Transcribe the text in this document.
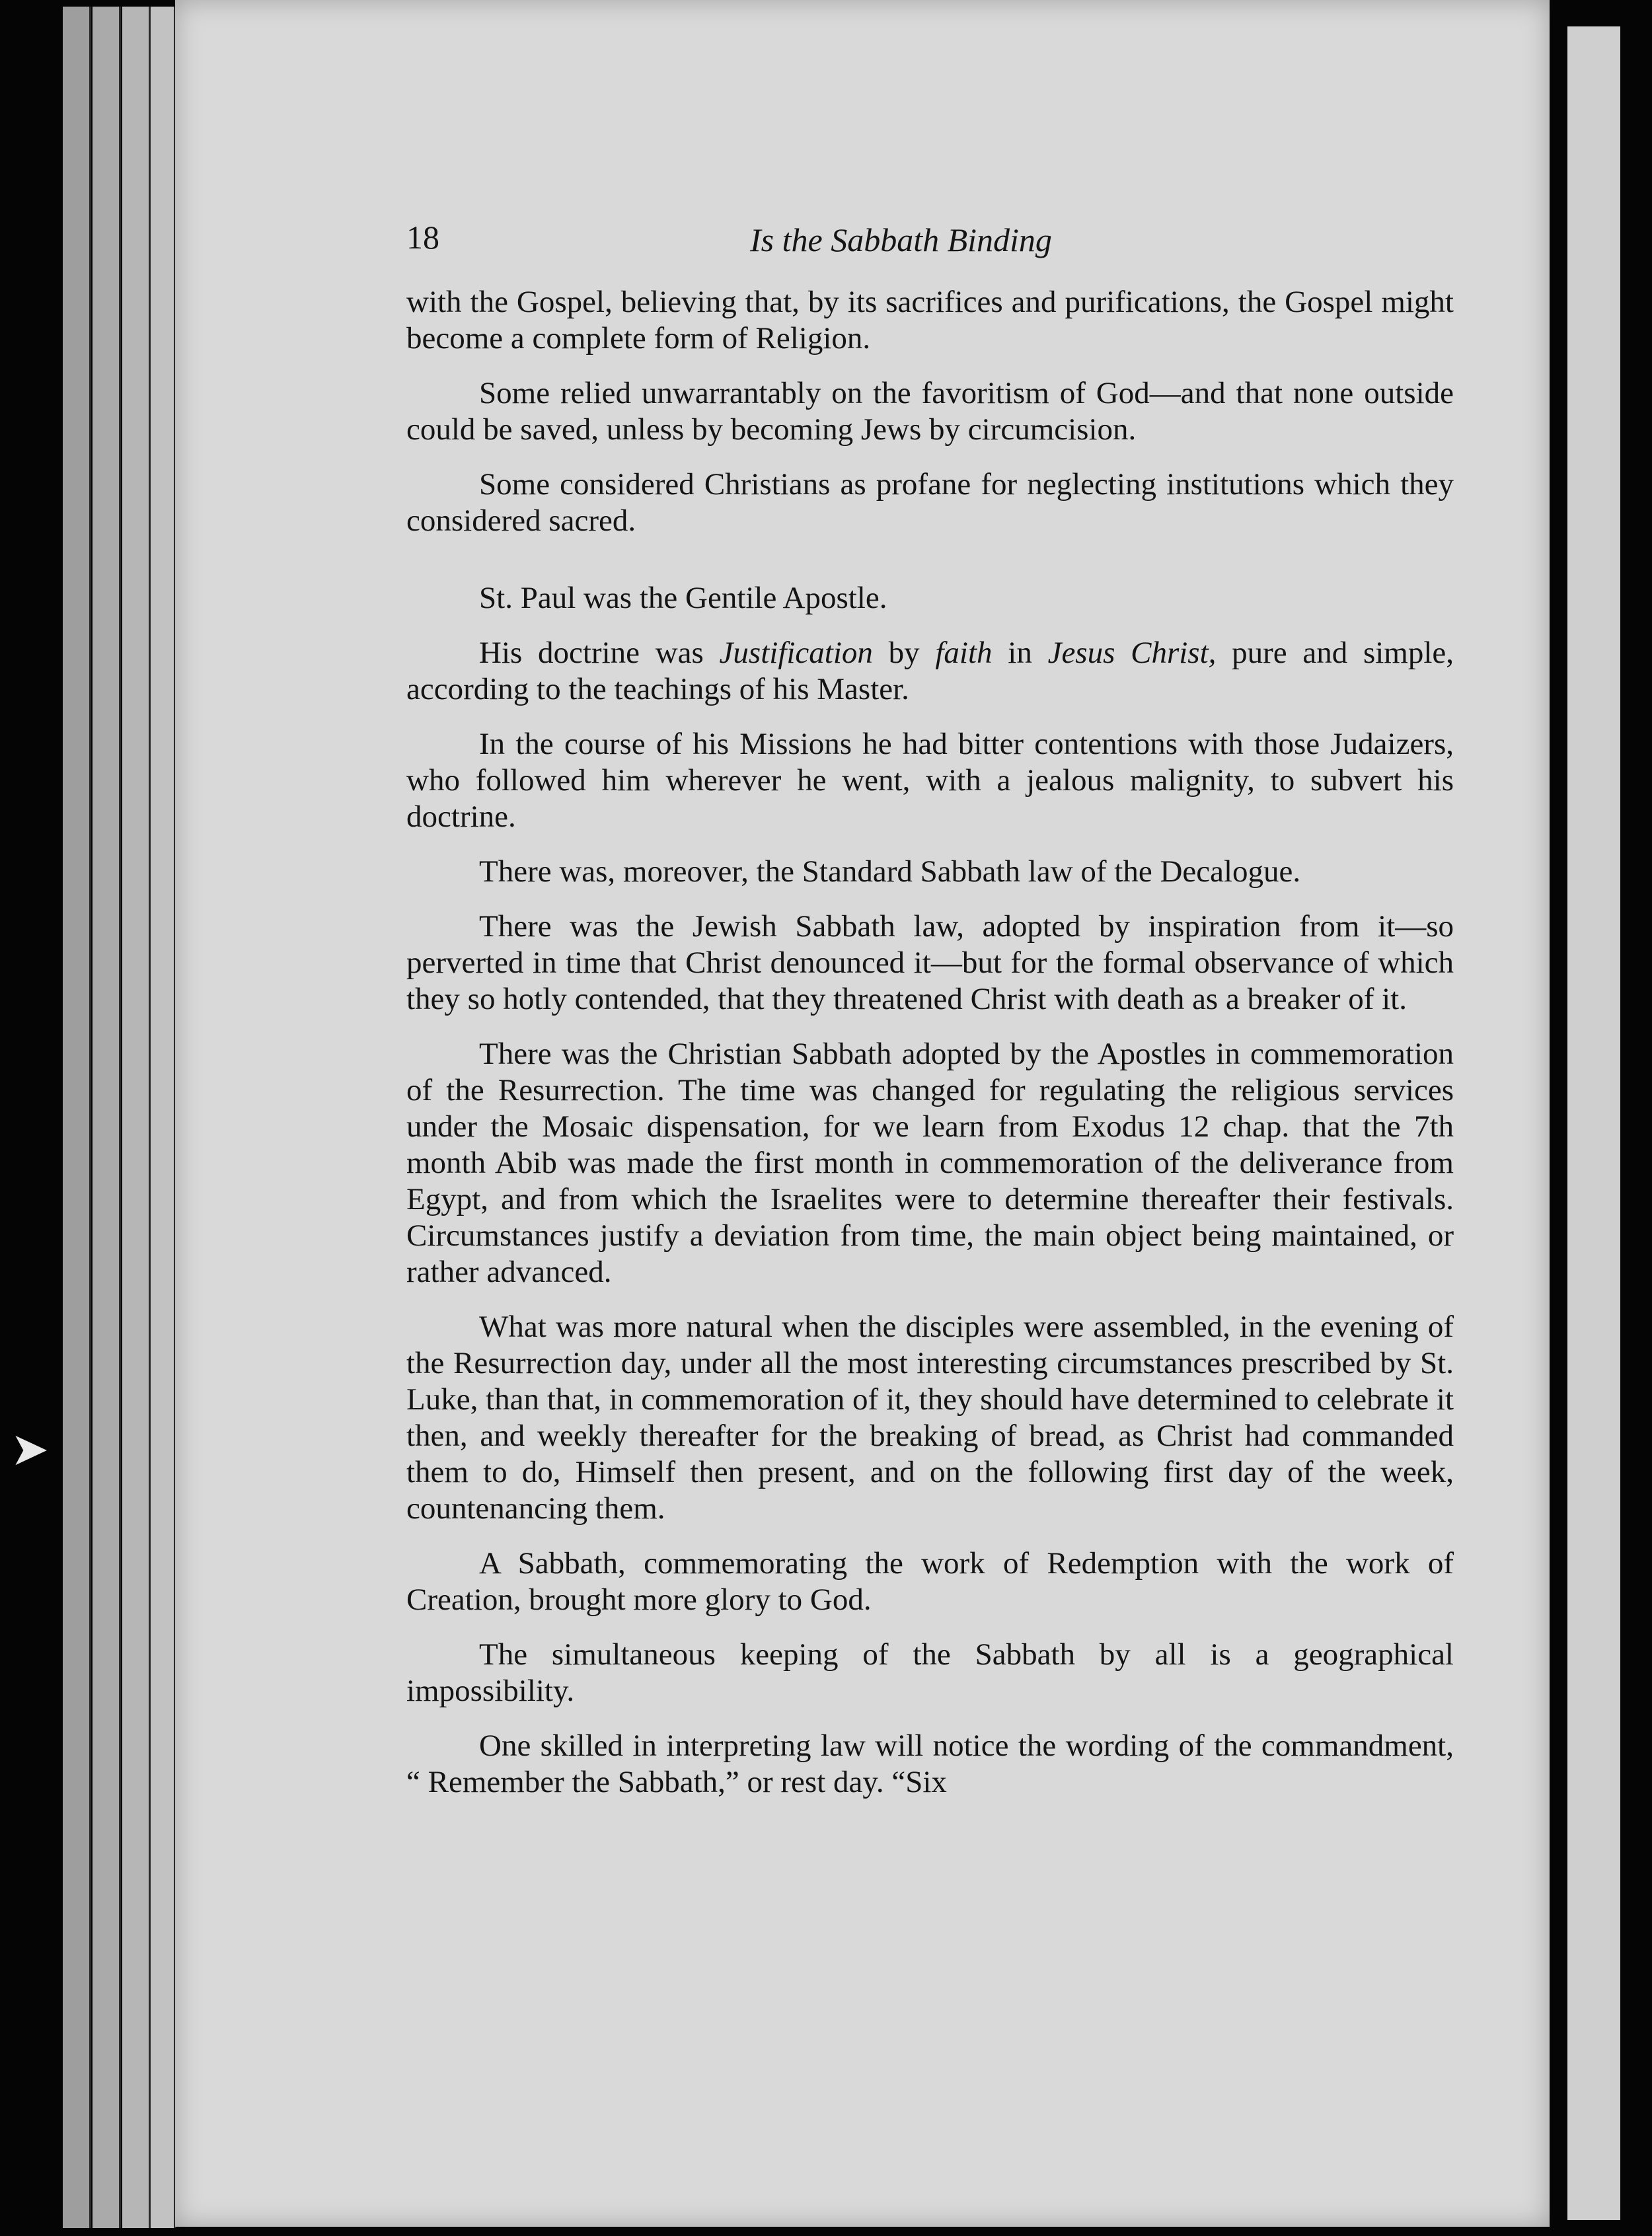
➤
18	Is the Sabbath Binding

with the Gospel, believing that, by its sacrifices and purifications, the Gospel might become a complete form of Religion.

Some relied unwarrantably on the favoritism of God—and that none outside could be saved, unless by becoming Jews by circumcision.

Some considered Christians as profane for neglecting institutions which they considered sacred.

St. Paul was the Gentile Apostle.

His doctrine was Justification by faith in Jesus Christ, pure and simple, according to the teachings of his Master.

In the course of his Missions he had bitter contentions with those Judaizers, who followed him wherever he went, with a jealous malignity, to subvert his doctrine.

There was, moreover, the Standard Sabbath law of the Decalogue.

There was the Jewish Sabbath law, adopted by inspiration from it—so perverted in time that Christ denounced it—but for the formal observance of which they so hotly contended, that they threatened Christ with death as a breaker of it.

There was the Christian Sabbath adopted by the Apostles in commemoration of the Resurrection. The time was changed for regulating the religious services under the Mosaic dispensation, for we learn from Exodus 12 chap. that the 7th month Abib was made the first month in commemoration of the deliverance from Egypt, and from which the Israelites were to determine thereafter their festivals. Circumstances justify a deviation from time, the main object being maintained, or rather advanced.

What was more natural when the disciples were assembled, in the evening of the Resurrection day, under all the most interesting circumstances prescribed by St. Luke, than that, in commemoration of it, they should have determined to celebrate it then, and weekly thereafter for the breaking of bread, as Christ had commanded them to do, Himself then present, and on the following first day of the week, countenancing them.

A Sabbath, commemorating the work of Redemption with the work of Creation, brought more glory to God.

The simultaneous keeping of the Sabbath by all is a geographical impossibility.

One skilled in interpreting law will notice the wording of the commandment, “ Remember the Sabbath,” or rest day. “Six
